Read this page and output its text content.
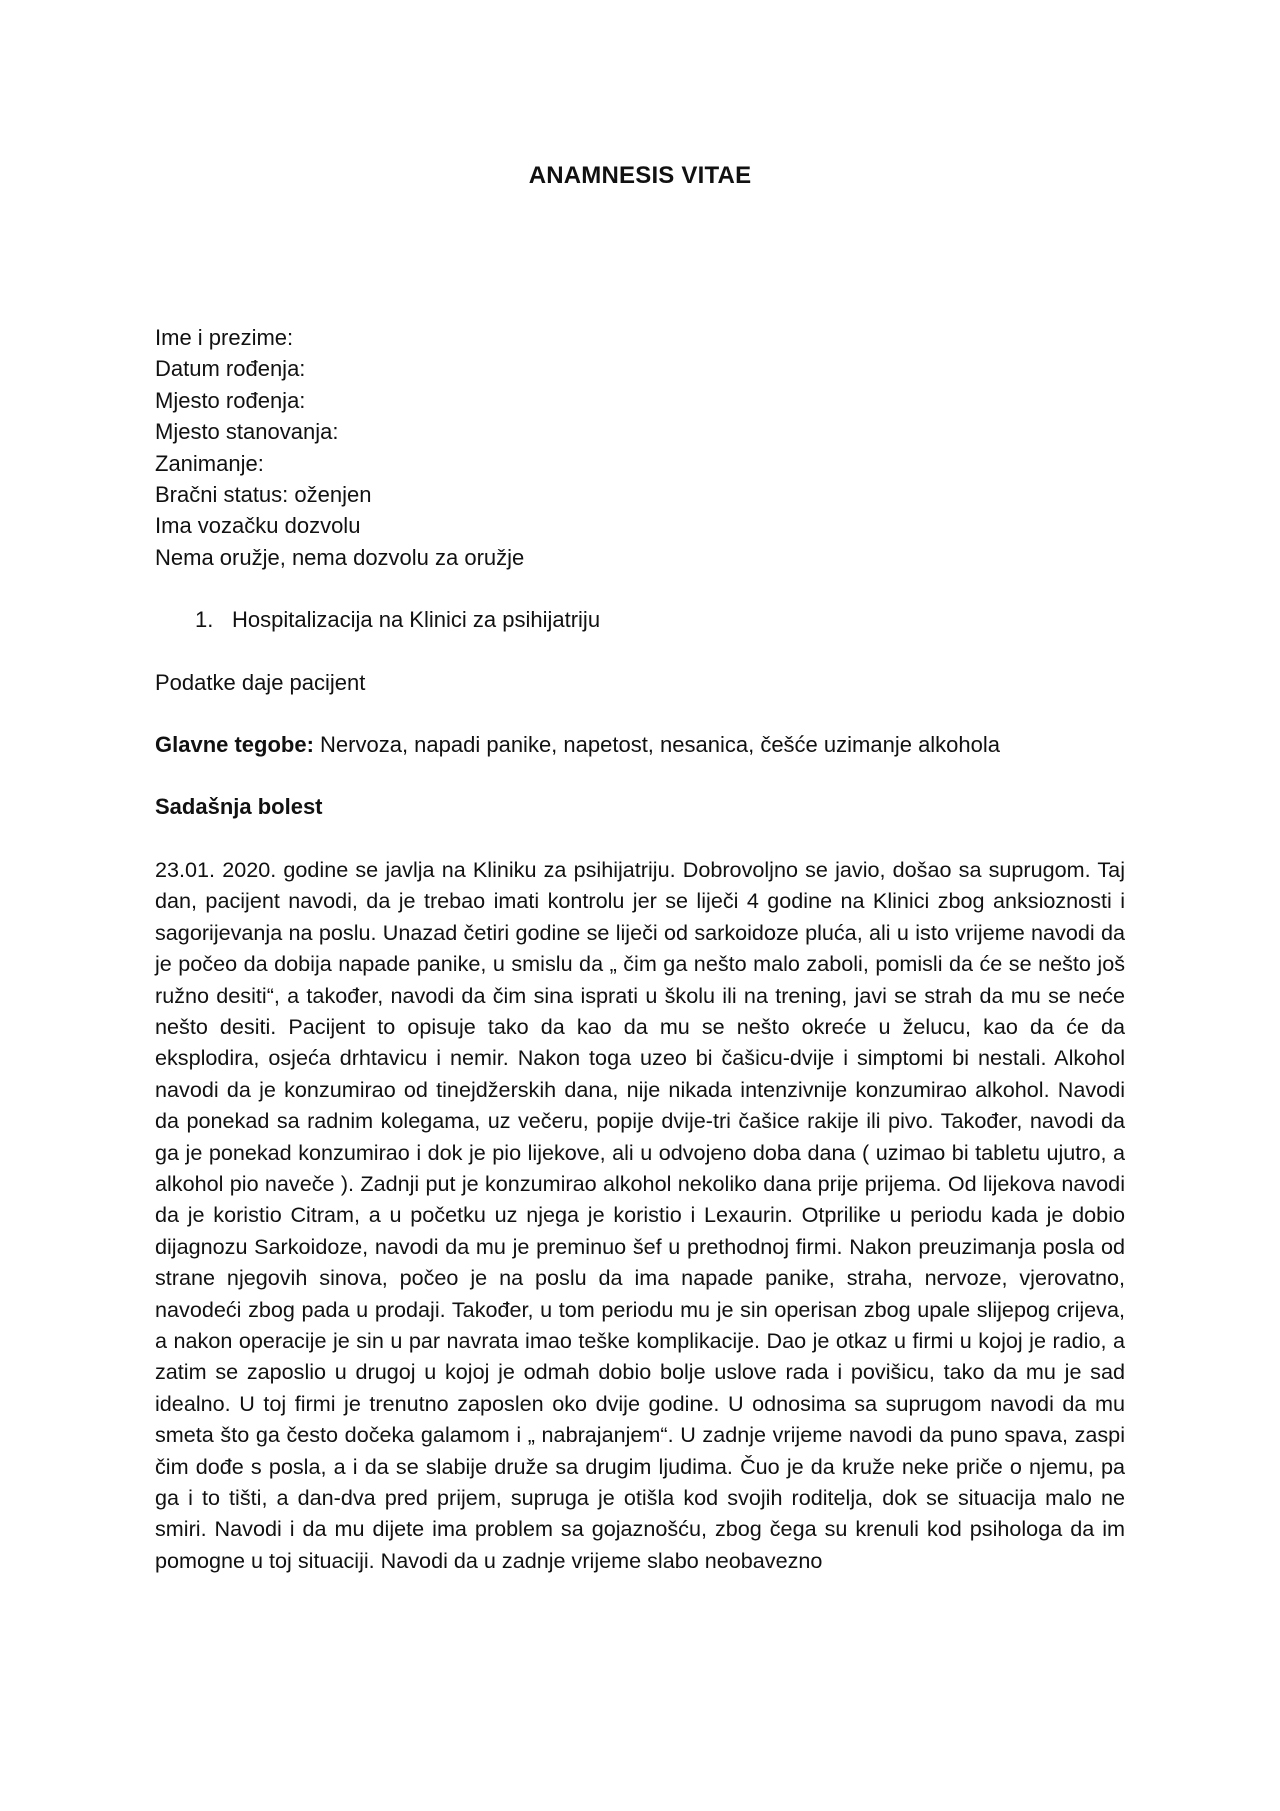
ANAMNESIS VITAE

Ime i prezime:

Datum rođenja:

Mjesto rođenja:

Mjesto stanovanja:

Zanimanje:

Bračni status: oženjen

Ima vozačku dozvolu

Nema oružje, nema dozvolu za oružje

1. Hospitalizacija na Klinici za psihijatriju

Podatke daje pacijent

Glavne tegobe: Nervoza, napadi panike, napetost, nesanica, češće uzimanje alkohola

Sadašnja bolest

23.01. 2020. godine se javlja na Kliniku za psihijatriju. Dobrovoljno se javio, došao sa suprugom. Taj dan, pacijent navodi, da je trebao imati kontrolu jer se liječi 4 godine na Klinici zbog anksioznosti i sagorijevanja na poslu. Unazad četiri godine se liječi od sarkoidoze pluća, ali u isto vrijeme navodi da je počeo da dobija napade panike, u smislu da „ čim ga nešto malo zaboli, pomisli da će se nešto još ružno desiti“, a također, navodi da čim sina isprati u školu ili na trening, javi se strah da mu se neće nešto desiti. Pacijent to opisuje tako da kao da mu se nešto okreće u želucu, kao da će da eksplodira, osjeća drhtavicu i nemir. Nakon toga uzeo bi čašicu-dvije i simptomi bi nestali. Alkohol navodi da je konzumirao od tinejdžerskih dana, nije nikada intenzivnije konzumirao alkohol. Navodi da ponekad sa radnim kolegama, uz večeru, popije dvije-tri čašice rakije ili pivo. Također, navodi da ga je ponekad konzumirao i dok je pio lijekove, ali u odvojeno doba dana ( uzimao bi tabletu ujutro, a alkohol pio naveče ). Zadnji put je konzumirao alkohol nekoliko dana prije prijema. Od lijekova navodi da je koristio Citram, a u početku uz njega je koristio i Lexaurin. Otprilike u periodu kada je dobio dijagnozu Sarkoidoze, navodi da mu je preminuo šef u prethodnoj firmi. Nakon preuzimanja posla od strane njegovih sinova, počeo je na poslu da ima napade panike, straha, nervoze, vjerovatno, navodeći zbog pada u prodaji. Također, u tom periodu mu je sin operisan zbog upale slijepog crijeva, a nakon operacije je sin u par navrata imao teške komplikacije. Dao je otkaz u firmi u kojoj je radio, a zatim se zaposlio u drugoj u kojoj je odmah dobio bolje uslove rada i povišicu, tako da mu je sad idealno. U toj firmi je trenutno zaposlen oko dvije godine. U odnosima sa suprugom navodi da mu smeta što ga često dočeka galamom i „ nabrajanjem“. U zadnje vrijeme navodi da puno spava, zaspi čim dođe s posla, a i da se slabije druže sa drugim ljudima. Čuo je da kruže neke priče o njemu, pa ga i to tišti, a dan-dva pred prijem, supruga je otišla kod svojih roditelja, dok se situacija malo ne smiri. Navodi i da mu dijete ima problem sa gojaznošću, zbog čega su krenuli kod psihologa da im pomogne u toj situaciji. Navodi da u zadnje vrijeme slabo neobavezno
